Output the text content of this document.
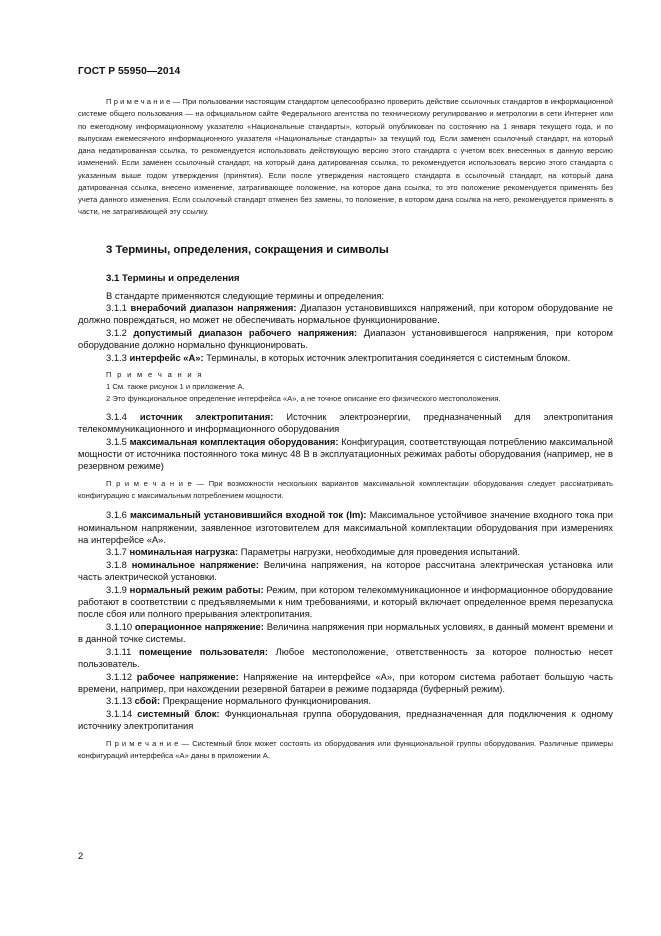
ГОСТ Р 55950—2014

П р и м е ч а н и е — При пользовании настоящим стандартом целесообразно проверить действие ссылочных стандартов в информационной системе общего пользования — на официальном сайте Федерального агентства по техническому регулированию и метрологии в сети Интернет или по ежегодному информационному указателю «Национальные стандарты», который опубликован по состоянию на 1 января текущего года, и по выпускам ежемесячного информационного указателя «Национальные стандарты» за текущий год. Если заменен ссылочный стандарт, на который дана недатированная ссылка, то рекомендуется использовать действующую версию этого стандарта с учетом всех внесенных в данную версию изменений. Если заменен ссылочный стандарт, на который дана датированная ссылка, то рекомендуется использовать версию этого стандарта с указанным выше годом утверждения (принятия). Если после утверждения настоящего стандарта в ссылочный стандарт, на который дана датированная ссылка, внесено изменение, затрагивающее положение, на которое дана ссылка, то это положение рекомендуется применять без учета данного изменения. Если ссылочный стандарт отменен без замены, то положение, в котором дана ссылка на него, рекомендуется применять в части, не затрагивающей эту ссылку.

3 Термины, определения, сокращения и символы
3.1 Термины и определения

В стандарте применяются следующие термины и определения:

3.1.1 внерабочий диапазон напряжения: Диапазон установившихся напряжений, при котором оборудование не должно повреждаться, но может не обеспечивать нормальное функционирование.

3.1.2 допустимый диапазон рабочего напряжения: Диапазон установившегося напряжения, при котором оборудование должно нормально функционировать.

3.1.3 интерфейс «А»: Терминалы, в которых источник электропитания соединяется с системным блоком.

П р и м е ч а н и я

1 См. также рисунок 1 и приложение А.

2 Это функциональное определение интерфейса «А», а не точное описание его физического местоположения.

3.1.4 источник электропитания: Источник электроэнергии, предназначенный для электропитания телекоммуникационного и информационного оборудования

3.1.5 максимальная комплектация оборудования: Конфигурация, соответствующая потреблению максимальной мощности от источника постоянного тока минус 48 В в эксплуатационных режимах работы оборудования (например, не в резервном режиме)

П р и м е ч а н и е — При возможности нескольких вариантов максимальной комплектации оборудования следует рассматривать конфигурацию с максимальным потреблением мощности.

3.1.6 максимальный установившийся входной ток (Im): Максимальное устойчивое значение входного тока при номинальном напряжении, заявленное изготовителем для максимальной комплектации оборудования при измерениях на интерфейсе «А».

3.1.7 номинальная нагрузка: Параметры нагрузки, необходимые для проведения испытаний.

3.1.8 номинальное напряжение: Величина напряжения, на которое рассчитана электрическая установка или часть электрической установки.

3.1.9 нормальный режим работы: Режим, при котором телекоммуникационное и информационное оборудование работают в соответствии с предъявляемыми к ним требованиями, и который включает определенное время перезапуска после сбоя или полного прерывания электропитания.

3.1.10 операционное напряжение: Величина напряжения при нормальных условиях, в данный момент времени и в данной точке системы.

3.1.11 помещение пользователя: Любое местоположение, ответственность за которое полностью несет пользователь.

3.1.12 рабочее напряжение: Напряжение на интерфейсе «А», при котором система работает большую часть времени, например, при нахождении резервной батареи в режиме подзаряда (буферный режим).

3.1.13 сбой: Прекращение нормального функционирования.

3.1.14 системный блок: Функциональная группа оборудования, предназначенная для подключения к одному источнику электропитания

П р и м е ч а н и е — Системный блок может состоять из оборудования или функциональной группы оборудования. Различные примеры конфигураций интерфейса «А» даны в приложении А.

2
